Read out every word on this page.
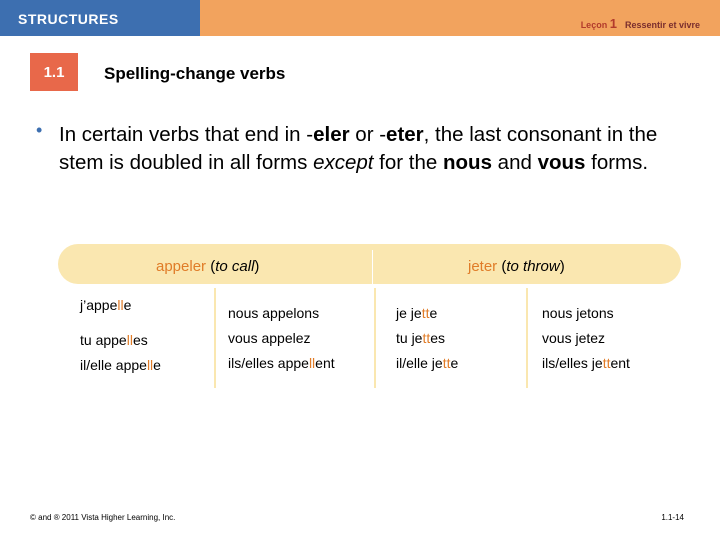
STRUCTURES	Leçon 1 Ressentir et vivre
1.1	Spelling-change verbs
• In certain verbs that end in -eler or -eter, the last consonant in the stem is doubled in all forms except for the nous and vous forms.
appeler (to call)	jeter (to throw)
j’appelle	nous appelons	je jette	nous jetons
tu appelles	vous appelez	tu jettes	vous jetez
il/elle appelle	ils/elles appellent	il/elle jette	ils/elles jettent
© and ® 2011 Vista Higher Learning, Inc.	1.1-14
